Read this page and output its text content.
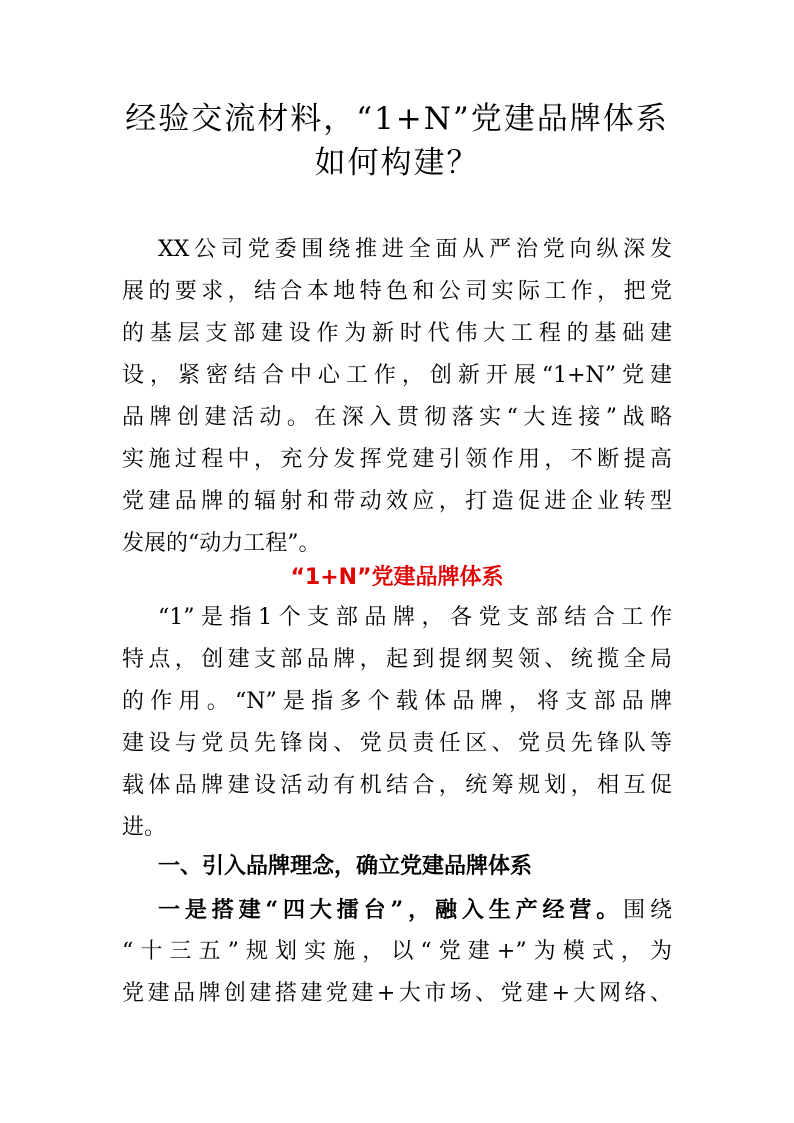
经验交流材料，“1+N”党建品牌体系
如何构建？
XX公司党委围绕推进全面从严治党向纵深发
展的要求，结合本地特色和公司实际工作，把党
的基层支部建设作为新时代伟大工程的基础建
设，紧密结合中心工作，创新开展“1+N”党建
品牌创建活动。在深入贯彻落实“大连接”战略
实施过程中，充分发挥党建引领作用，不断提高
党建品牌的辐射和带动效应，打造促进企业转型
发展的“动力工程”。
“1+N”党建品牌体系
“1”是指1个支部品牌，各党支部结合工作
特点，创建支部品牌，起到提纲契领、统揽全局
的作用。“N”是指多个载体品牌，将支部品牌
建设与党员先锋岗、党员责任区、党员先锋队等
载体品牌建设活动有机结合，统筹规划，相互促
进。
一、引入品牌理念，确立党建品牌体系
一是搭建“四大擂台”，融入生产经营。围绕
“十三五”规划实施，以“党建+”为模式，为
党建品牌创建搭建党建+大市场、党建+大网络、
